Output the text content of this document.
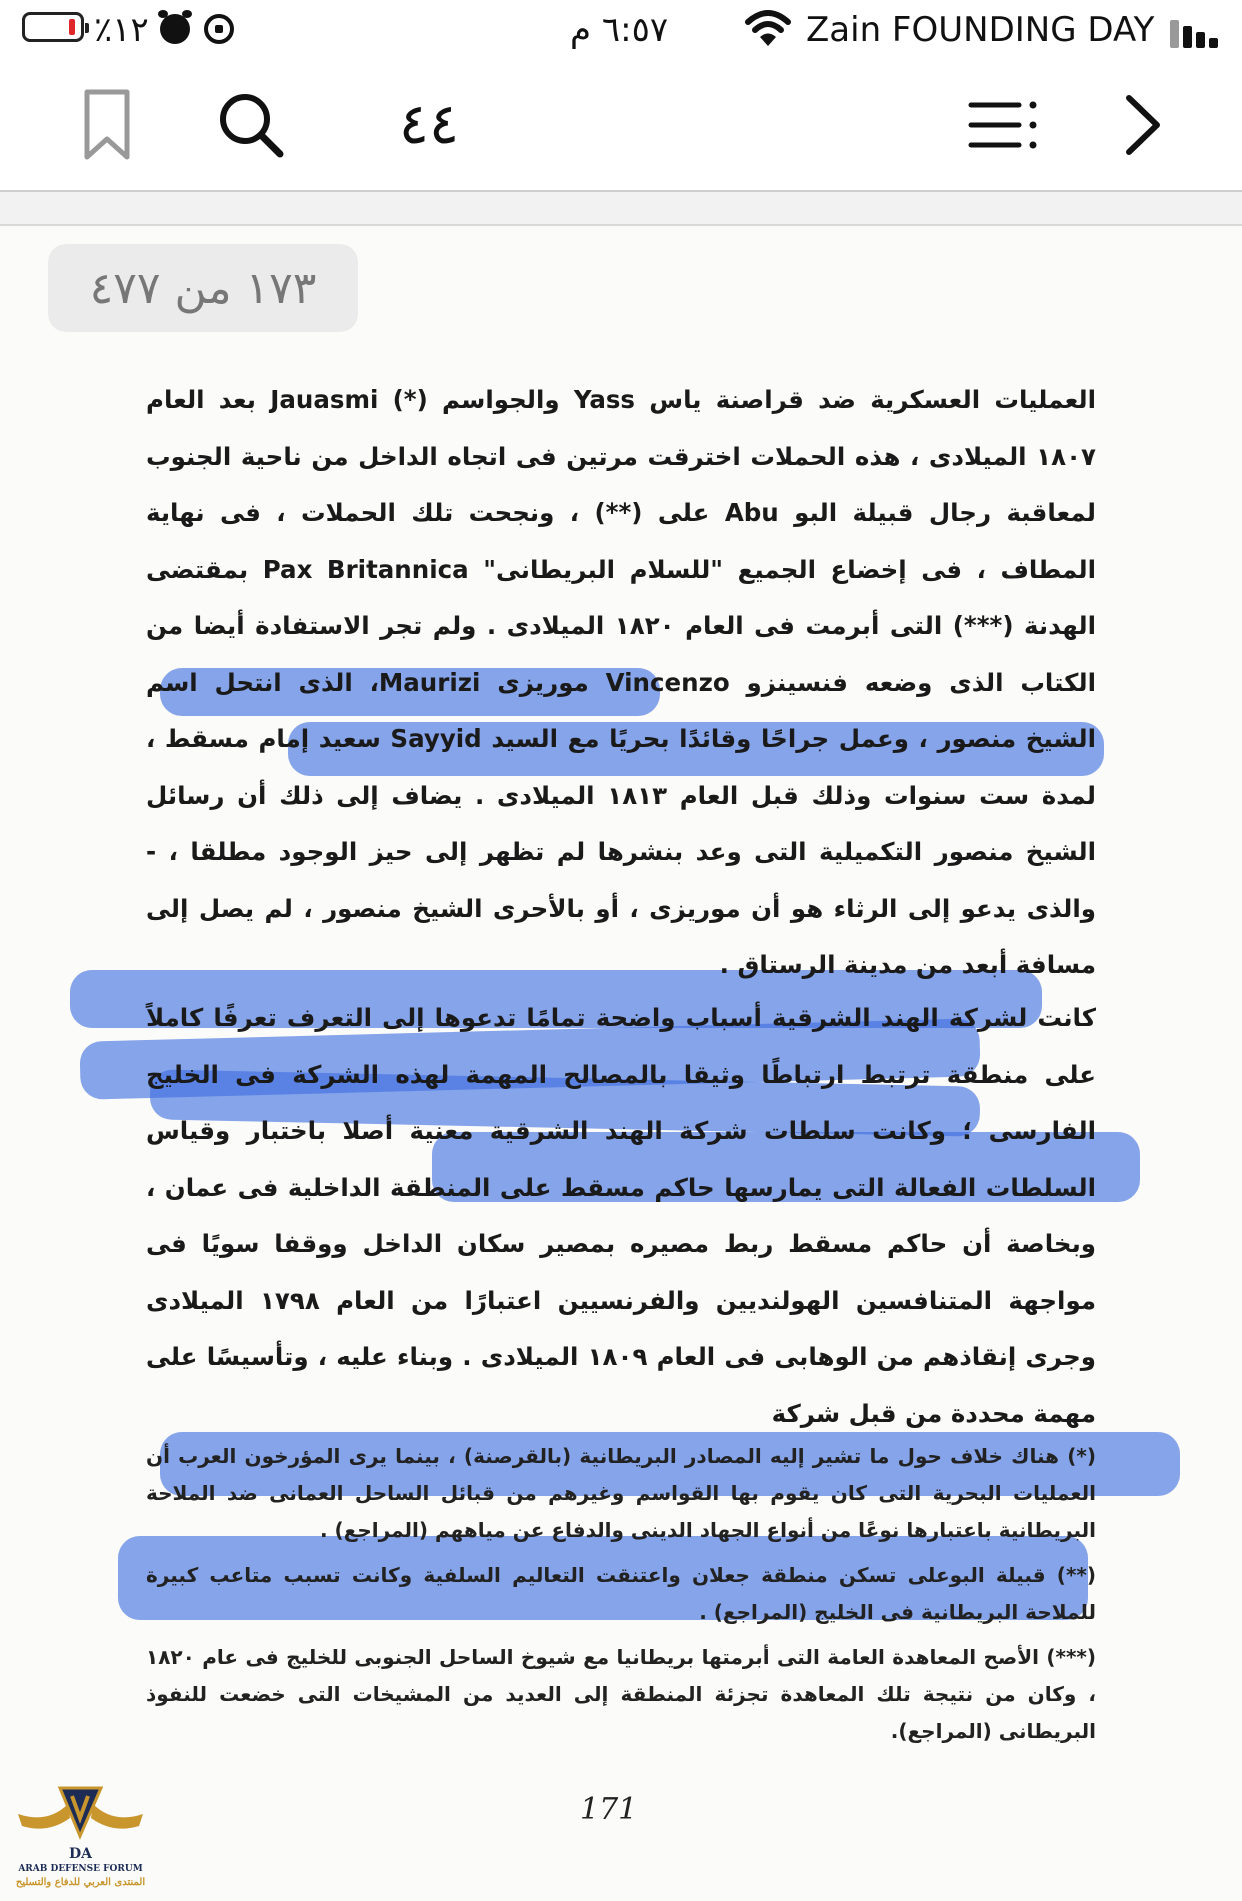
٪١٢	٦:٥٧ م	Zain FOUNDING DAY
٤٤
١٧٣ من ٤٧٧

العمليات العسكرية ضد قراصنة ياس Yass والجواسم (*) Jauasmi بعد العام ١٨٠٧ الميلادى ، هذه الحملات اخترقت مرتين فى اتجاه الداخل من ناحية الجنوب لمعاقبة رجال قبيلة البو Abu على (**) ، ونجحت تلك الحملات ، فى نهاية المطاف ، فى إخضاع الجميع "للسلام البريطانى" Pax Britannica بمقتضى الهدنة (***) التى أبرمت فى العام ١٨٢٠ الميلادى . ولم تجر الاستفادة أيضا من الكتاب الذى وضعه فنسينزو Vincenzo موريزى Maurizi، الذى انتحل اسم الشيخ منصور ، وعمل جراحًا وقائدًا بحريًا مع السيد Sayyid سعيد إمام مسقط ، لمدة ست سنوات وذلك قبل العام ١٨١٣ الميلادى . يضاف إلى ذلك أن رسائل الشيخ منصور التكميلية التى وعد بنشرها لم تظهر إلى حيز الوجود مطلقا ، - والذى يدعو إلى الرثاء هو أن موريزى ، أو بالأحرى الشيخ منصور ، لم يصل إلى مسافة أبعد من مدينة الرستاق .

كانت لشركة الهند الشرقية أسباب واضحة تمامًا تدعوها إلى التعرف تعرفًا كاملاً على منطقة ترتبط ارتباطًا وثيقا بالمصالح المهمة لهذه الشركة فى الخليج الفارسى ؛ وكانت سلطات شركة الهند الشرقية معنية أصلا باختبار وقياس السلطات الفعالة التى يمارسها حاكم مسقط على المنطقة الداخلية فى عمان ، وبخاصة أن حاكم مسقط ربط مصيره بمصير سكان الداخل ووقفا سويًا فى مواجهة المتنافسين الهولنديين والفرنسيين اعتبارًا من العام ١٧٩٨ الميلادى وجرى إنقاذهم من الوهابى فى العام ١٨٠٩ الميلادى . وبناء عليه ، وتأسيسًا على مهمة محددة من قبل شركة

(*) هناك خلاف حول ما تشير إليه المصادر البريطانية (بالقرصنة) ، بينما يرى المؤرخون العرب أن العمليات البحرية التى كان يقوم بها القواسم وغيرهم من قبائل الساحل العمانى ضد الملاحة البريطانية باعتبارها نوعًا من أنواع الجهاد الدينى والدفاع عن مياههم (المراجع) .

(**) قبيلة البوعلى تسكن منطقة جعلان واعتنقت التعاليم السلفية وكانت تسبب متاعب كبيرة للملاحة البريطانية فى الخليج (المراجع) .

(***) الأصح المعاهدة العامة التى أبرمتها بريطانيا مع شيوخ الساحل الجنوبى للخليج فى عام ١٨٢٠ ، وكان من نتيجة تلك المعاهدة تجزئة المنطقة إلى العديد من المشيخات التى خضعت للنفوذ البريطانى (المراجع).

171
DA
ARAB DEFENSE FORUM
المنتدى العربي للدفاع والتسليح
